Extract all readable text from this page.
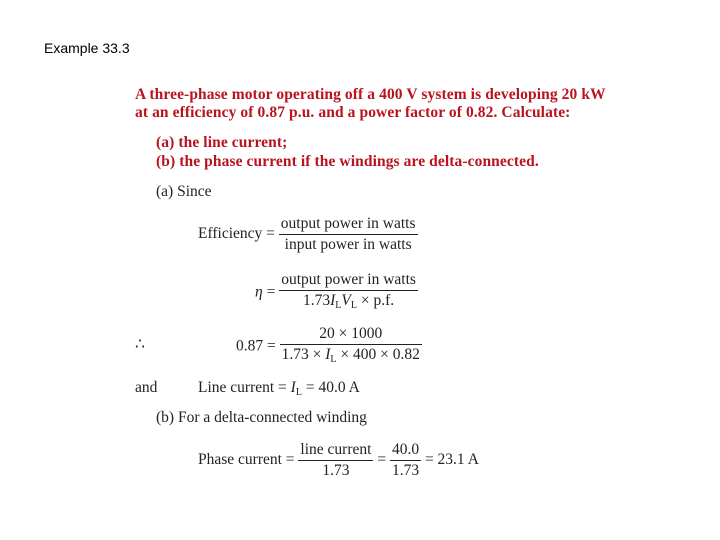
Example 33.3
A three-phase motor operating off a 400 V system is developing 20 kW
at an efficiency of 0.87 p.u. and a power factor of 0.82. Calculate:
(a) the line current;
(b) the phase current if the windings are delta-connected.
(a) Since
Efficiency = $\frac{\text{output power in watts}}{\text{input power in watts}}$
$\eta = \frac{\text{output power in watts}}{1.73I_LV_L \times p.f.}$
∴	$0.87 = \frac{20 \times 1000}{1.73 \times I_L \times 400 \times 0.82}$
and	Line current = $I_L = 40.0$ A
(b) For a delta-connected winding
Phase current = $\frac{\text{line current}}{1.73} = \frac{40.0}{1.73} = 23.1$ A
